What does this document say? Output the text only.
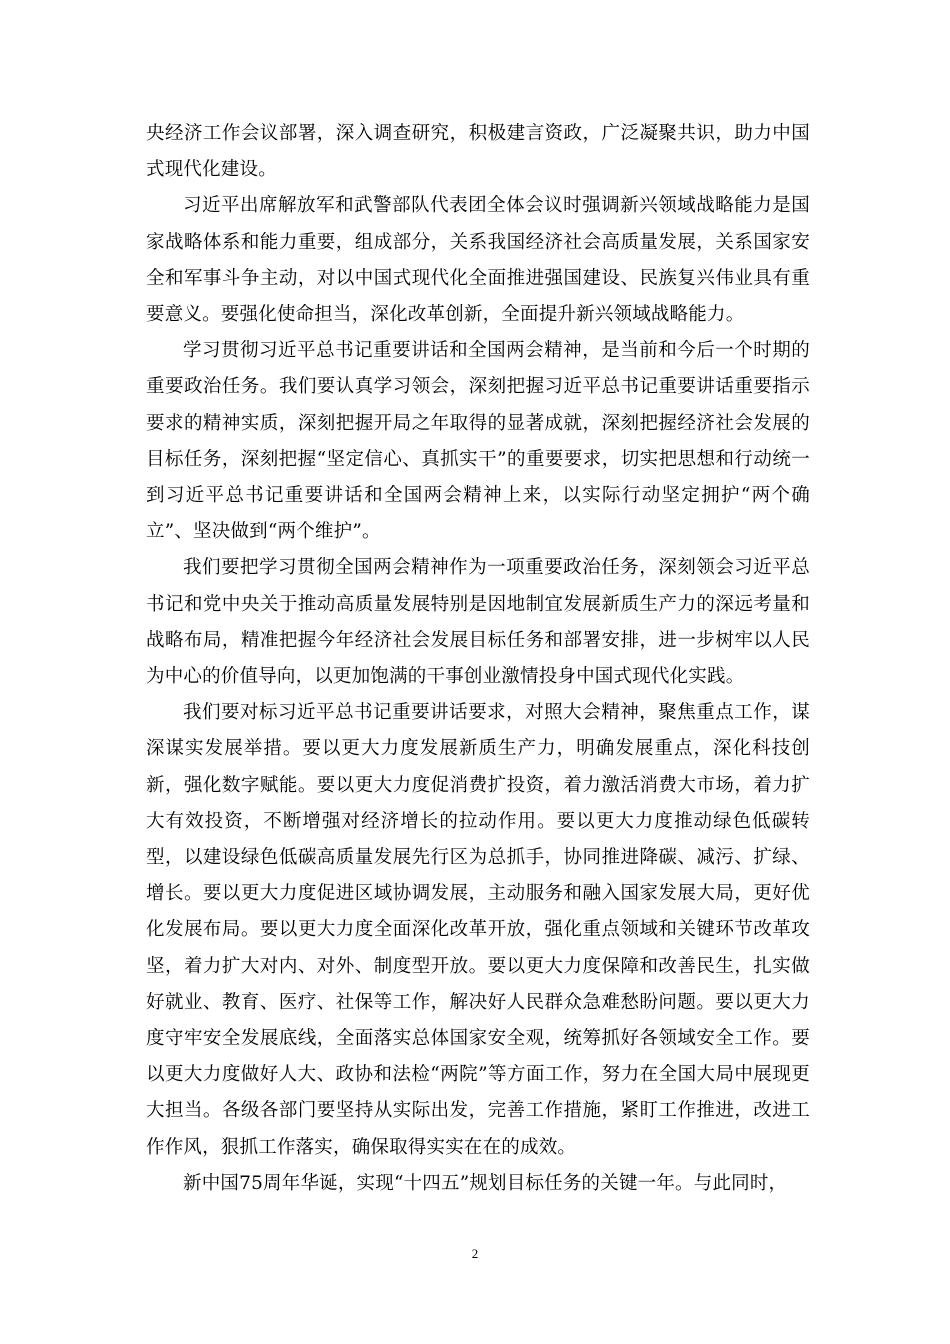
央经济工作会议部署，深入调查研究，积极建言资政，广泛凝聚共识，助力中国式现代化建设。

习近平出席解放军和武警部队代表团全体会议时强调新兴领域战略能力是国家战略体系和能力重要，组成部分，关系我国经济社会高质量发展，关系国家安全和军事斗争主动，对以中国式现代化全面推进强国建设、民族复兴伟业具有重要意义。要强化使命担当，深化改革创新，全面提升新兴领域战略能力。

学习贯彻习近平总书记重要讲话和全国两会精神，是当前和今后一个时期的重要政治任务。我们要认真学习领会，深刻把握习近平总书记重要讲话重要指示要求的精神实质，深刻把握开局之年取得的显著成就，深刻把握经济社会发展的目标任务，深刻把握“坚定信心、真抓实干”的重要要求，切实把思想和行动统一到习近平总书记重要讲话和全国两会精神上来，以实际行动坚定拥护“两个确立”、坚决做到“两个维护”。

我们要把学习贯彻全国两会精神作为一项重要政治任务，深刻领会习近平总书记和党中央关于推动高质量发展特别是因地制宜发展新质生产力的深远考量和战略布局，精准把握今年经济社会发展目标任务和部署安排，进一步树牢以人民为中心的价值导向，以更加饱满的干事创业激情投身中国式现代化实践。

我们要对标习近平总书记重要讲话要求，对照大会精神，聚焦重点工作，谋深谋实发展举措。要以更大力度发展新质生产力，明确发展重点，深化科技创新，强化数字赋能。要以更大力度促消费扩投资，着力激活消费大市场，着力扩大有效投资，不断增强对经济增长的拉动作用。要以更大力度推动绿色低碳转型，以建设绿色低碳高质量发展先行区为总抓手，协同推进降碳、减污、扩绿、增长。要以更大力度促进区域协调发展，主动服务和融入国家发展大局，更好优化发展布局。要以更大力度全面深化改革开放，强化重点领域和关键环节改革攻坚，着力扩大对内、对外、制度型开放。要以更大力度保障和改善民生，扎实做好就业、教育、医疗、社保等工作，解决好人民群众急难愁盼问题。要以更大力度守牢安全发展底线，全面落实总体国家安全观，统筹抓好各领域安全工作。要以更大力度做好人大、政协和法检“两院”等方面工作，努力在全国大局中展现更大担当。各级各部门要坚持从实际出发，完善工作措施，紧盯工作推进，改进工作作风，狠抓工作落实，确保取得实实在在的成效。

新中国75周年华诞，实现“十四五”规划目标任务的关键一年。与此同时，

2
